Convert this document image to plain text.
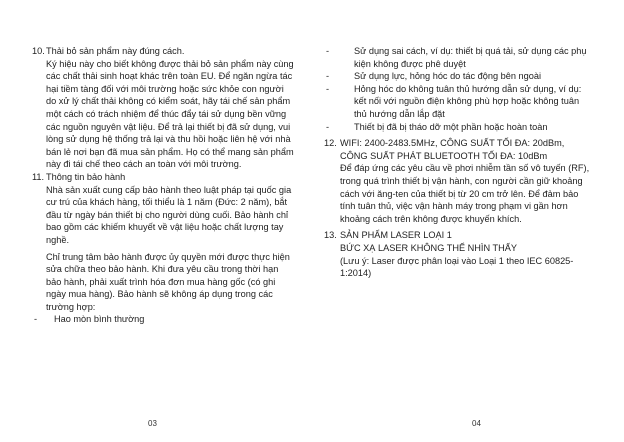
10. Thải bỏ sản phẩm này đúng cách.

Ký hiệu này cho biết không được thải bỏ sản phẩm này cùng các chất thải sinh hoạt khác trên toàn EU. Để ngăn ngừa tác hại tiềm tàng đối với môi trường hoặc sức khỏe con người do xử lý chất thải không có kiểm soát, hãy tái chế sản phẩm một cách có trách nhiệm để thúc đẩy tái sử dụng bền vững các nguồn nguyên vật liệu. Để trả lại thiết bị đã sử dụng, vui lòng sử dụng hệ thống trả lại và thu hồi hoặc liên hệ với nhà bán lẻ nơi bạn đã mua sản phẩm. Họ có thể mang sản phẩm này đi tái chế theo cách an toàn với môi trường.

11. Thông tin bảo hành

Nhà sản xuất cung cấp bảo hành theo luật pháp tại quốc gia cư trú của khách hàng, tối thiểu là 1 năm (Đức: 2 năm), bắt đầu từ ngày bán thiết bị cho người dùng cuối. Bảo hành chỉ bao gồm các khiếm khuyết về vật liệu hoặc chất lượng tay nghề.

Chỉ trung tâm bảo hành được ủy quyền mới được thực hiện sửa chữa theo bảo hành. Khi đưa yêu cầu trong thời hạn bảo hành, phải xuất trình hóa đơn mua hàng gốc (có ghi ngày mua hàng). Bảo hành sẽ không áp dụng trong các trường hợp:

-	Hao mòn bình thường
03
-	Sử dụng sai cách, ví dụ: thiết bị quá tải, sử dụng các phụ kiện không được phê duyệt
-	Sử dụng lực, hỏng hóc do tác động bên ngoài
-	Hỏng hóc do không tuân thủ hướng dẫn sử dụng, ví dụ: kết nối với nguồn điện không phù hợp hoặc không tuân thủ hướng dẫn lắp đặt
-	Thiết bị đã bị tháo dỡ một phần hoặc hoàn toàn
12. WIFI: 2400-2483.5MHz, CÔNG SUẤT TỐI ĐA: 20dBm, CÔNG SUẤT PHÁT BLUETOOTH TỐI ĐA: 10dBm

Để đáp ứng các yêu cầu về phơi nhiễm tần số vô tuyến (RF), trong quá trình thiết bị vận hành, con người cần giữ khoảng cách với ăng-ten của thiết bị từ 20 cm trở lên. Để đảm bảo tính tuân thủ, việc vận hành máy trong phạm vi gần hơn khoảng cách trên không được khuyến khích.

13. SẢN PHẨM LASER LOẠI 1

BỨC XẠ LASER KHÔNG THỂ NHÌN THẤY

(Lưu ý: Laser được phân loại vào Loại 1 theo IEC 60825-1:2014)

04
